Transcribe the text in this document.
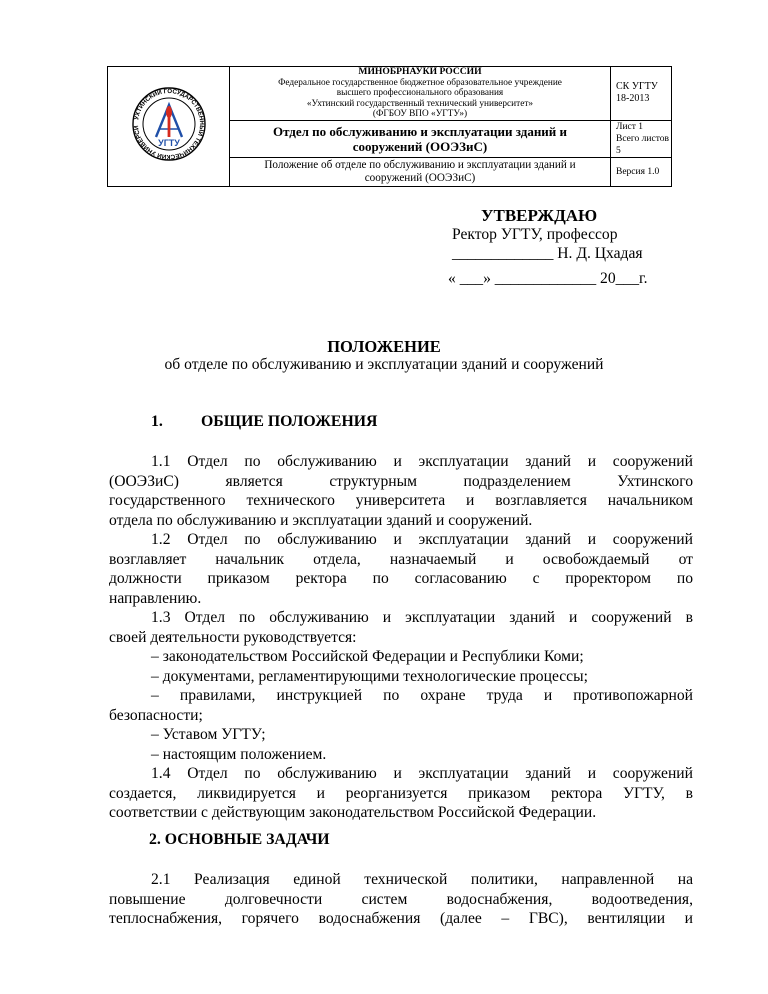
УХТИНСКИЙ ГОСУДАРСТВЕННЫЙ ТЕХНИЧЕСКИЙ УНИВЕРСИ
УГТУ	МИНОБРНАУКИ РОССИИ
Федеральное государственное бюджетное образовательное учреждение
высшего профессионального образования
«Ухтинский государственный технический университет»
(ФГБОУ ВПО «УГТУ»)	СК УГТУ
18-2013

	Отдел по обслуживанию и эксплуатации зданий и
сооружений (ООЭЗиС)	Лист 1
Всего листов 5

	Положение об отделе по обслуживанию и эксплуатации зданий и
сооружений (ООЭЗиС)	Версия 1.0
УТВЕРЖДАЮ
Ректор УГТУ, профессор
_____________ Н. Д. Цхадая
« ___» _____________ 20___г.
ПОЛОЖЕНИЕ
об отделе по обслуживанию и эксплуатации зданий и сооружений
1. ОБЩИЕ ПОЛОЖЕНИЯ

1.1 Отдел по обслуживанию и эксплуатации зданий и сооружений

(ООЭЗиС) является структурным подразделением Ухтинского

государственного технического университета и возглавляется начальником

отдела по обслуживанию и эксплуатации зданий и сооружений.

1.2 Отдел по обслуживанию и эксплуатации зданий и сооружений

возглавляет начальник отдела, назначаемый и освобождаемый от

должности приказом ректора по согласованию с проректором по

направлению.

1.3 Отдел по обслуживанию и эксплуатации зданий и сооружений в

своей деятельности руководствуется:

– законодательством Российской Федерации и Республики Коми;

– документами, регламентирующими технологические процессы;

– правилами, инструкцией по охране труда и противопожарной

безопасности;

– Уставом УГТУ;

– настоящим положением.

1.4 Отдел по обслуживанию и эксплуатации зданий и сооружений

создается, ликвидируется и реорганизуется приказом ректора УГТУ, в

соответствии с действующим законодательством Российской Федерации.

2. ОСНОВНЫЕ ЗАДАЧИ

2.1 Реализация единой технической политики, направленной на

повышение долговечности систем водоснабжения, водоотведения,

теплоснабжения, горячего водоснабжения (далее – ГВС), вентиляции и
